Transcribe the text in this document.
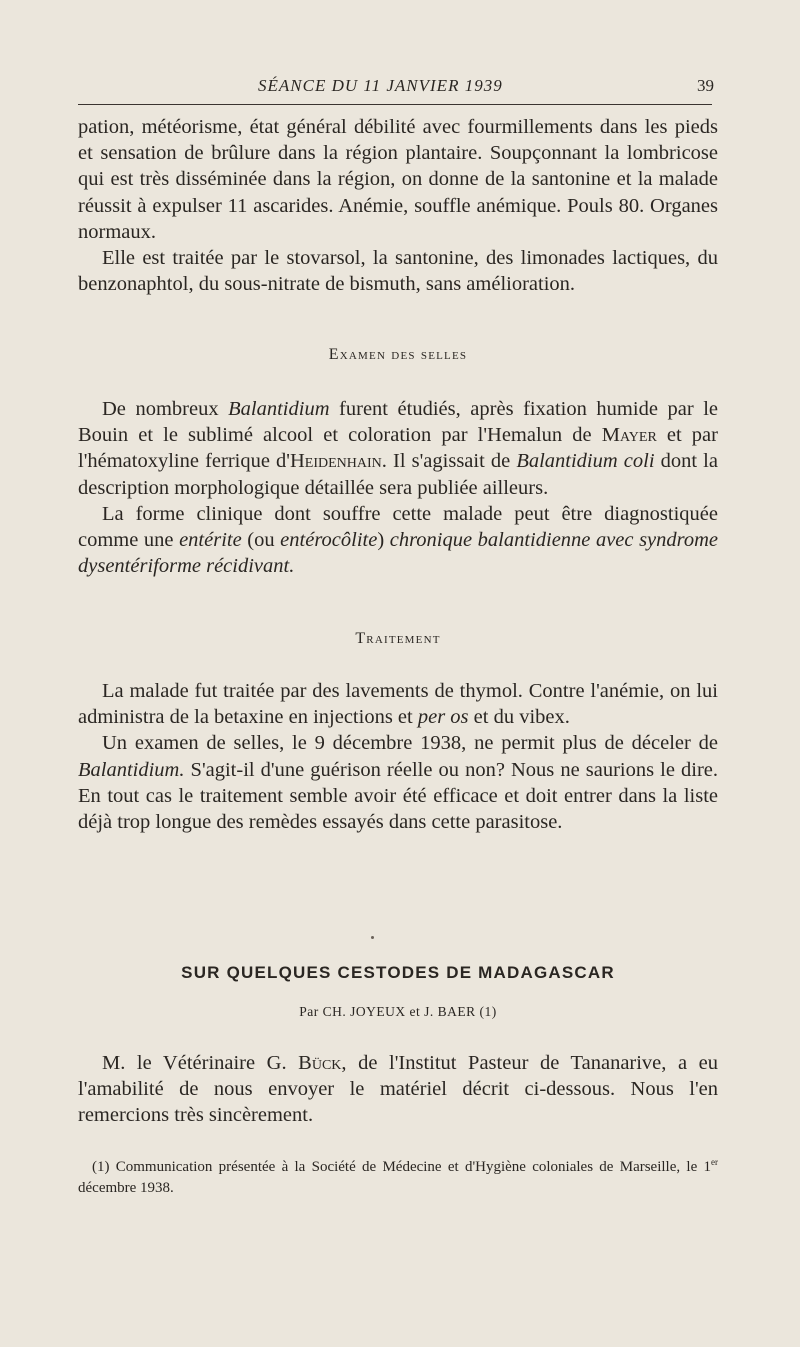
SÉANCE DU 11 JANVIER 1939	39

pation, météorisme, état général débilité avec fourmillements dans les pieds et sensation de brûlure dans la région plantaire. Soupçonnant la lombricose qui est très disséminée dans la région, on donne de la santonine et la malade réussit à expulser 11 ascarides. Anémie, souffle anémique. Pouls 80. Organes normaux.

Elle est traitée par le stovarsol, la santonine, des limonades lactiques, du benzonaphtol, du sous-nitrate de bismuth, sans amélioration.

Examen des selles

De nombreux Balantidium furent étudiés, après fixation humide par le Bouin et le sublimé alcool et coloration par l'Hemalun de Mayer et par l'hématoxyline ferrique d'Heidenhain. Il s'agissait de Balantidium coli dont la description morphologique détaillée sera publiée ailleurs.

La forme clinique dont souffre cette malade peut être diagnostiquée comme une entérite (ou entérocôlite) chronique balantidienne avec syndrome dysentériforme récidivant.

Traitement

La malade fut traitée par des lavements de thymol. Contre l'anémie, on lui administra de la betaxine en injections et per os et du vibex.

Un examen de selles, le 9 décembre 1938, ne permit plus de déceler de Balantidium. S'agit-il d'une guérison réelle ou non? Nous ne saurions le dire. En tout cas le traitement semble avoir été efficace et doit entrer dans la liste déjà trop longue des remèdes essayés dans cette parasitose.

SUR QUELQUES CESTODES DE MADAGASCAR
Par CH. JOYEUX et J. BAER (1)

M. le Vétérinaire G. Bück, de l'Institut Pasteur de Tananarive, a eu l'amabilité de nous envoyer le matériel décrit ci-dessous. Nous l'en remercions très sincèrement.

(1) Communication présentée à la Société de Médecine et d'Hygiène coloniales de Marseille, le 1er décembre 1938.
